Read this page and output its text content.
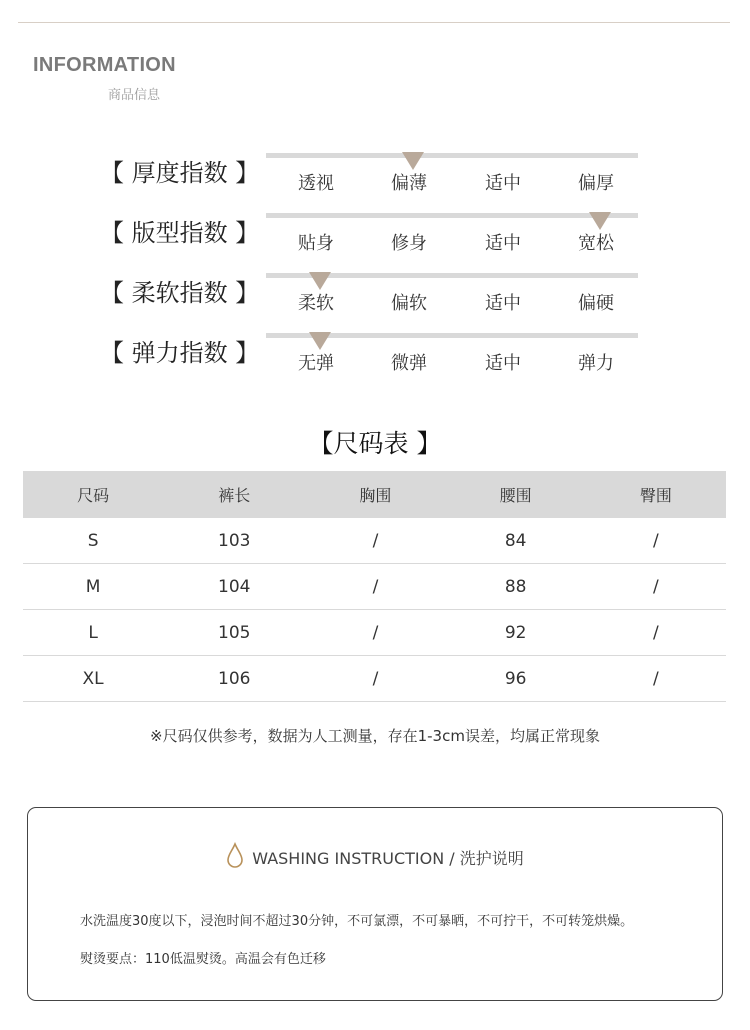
INFORMATION
商品信息
【 厚度指数 】 透视	偏薄	适中	偏厚
【 版型指数 】 贴身	修身	适中	宽松
【 柔软指数 】 柔软	偏软	适中	偏硬
【 弹力指数 】 无弹	微弹	适中	弹力
【尺码表 】
尺码	裤长	胸围	腰围	臀围
S	103	/	84	/
M	104	/	88	/
L	105	/	92	/
XL	106	/	96	/
※尺码仅供参考，数据为人工测量，存在1-3cm误差，均属正常现象
WASHING INSTRUCTION / 洗护说明
水洗温度30度以下，浸泡时间不超过30分钟，不可氯漂，不可暴晒，不可拧干，不可转笼烘燥。
熨烫要点：110低温熨烫。高温会有色迁移
